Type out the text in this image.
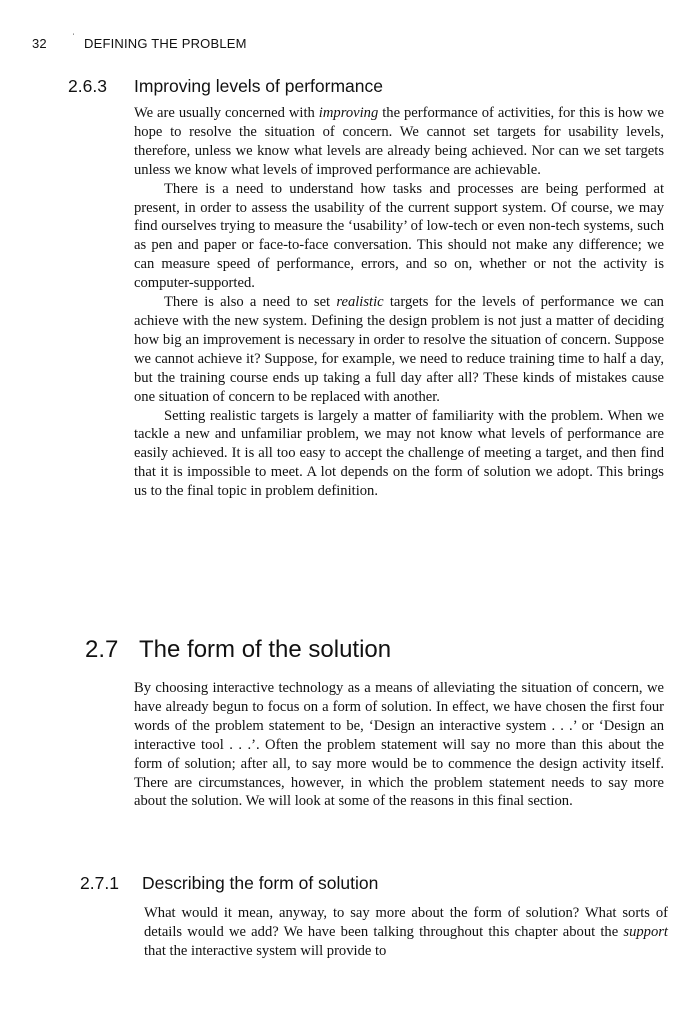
32	ˈ DEFINING THE PROBLEM
2.6.3 Improving levels of performance

We are usually concerned with improving the performance of activities, for this is how we hope to resolve the situation of concern. We cannot set targets for usability levels, therefore, unless we know what levels are already being achieved. Nor can we set targets unless we know what levels of improved performance are achievable.

There is a need to understand how tasks and processes are being performed at present, in order to assess the usability of the current support system. Of course, we may find ourselves trying to measure the ‘usability’ of low-tech or even non-tech systems, such as pen and paper or face-to-face conversation. This should not make any difference; we can measure speed of performance, errors, and so on, whether or not the activity is computer-supported.

There is also a need to set realistic targets for the levels of performance we can achieve with the new system. Defining the design problem is not just a matter of deciding how big an improvement is necessary in order to resolve the situation of concern. Suppose we cannot achieve it? Suppose, for example, we need to reduce training time to half a day, but the training course ends up taking a full day after all? These kinds of mistakes cause one situation of concern to be replaced with another.

Setting realistic targets is largely a matter of familiarity with the problem. When we tackle a new and unfamiliar problem, we may not know what levels of performance are easily achieved. It is all too easy to accept the challenge of meeting a target, and then find that it is impossible to meet. A lot depends on the form of solution we adopt. This brings us to the final topic in problem definition.

2.7 The form of the solution

By choosing interactive technology as a means of alleviating the situation of concern, we have already begun to focus on a form of solution. In effect, we have chosen the first four words of the problem statement to be, ‘Design an interactive system . . .’ or ‘Design an interactive tool . . .’. Often the problem statement will say no more than this about the form of solution; after all, to say more would be to commence the design activity itself. There are circumstances, however, in which the problem statement needs to say more about the solution. We will look at some of the reasons in this final section.

2.7.1 Describing the form of solution

What would it mean, anyway, to say more about the form of solution? What sorts of details would we add? We have been talking throughout this chapter about the support that the interactive system will provide to
